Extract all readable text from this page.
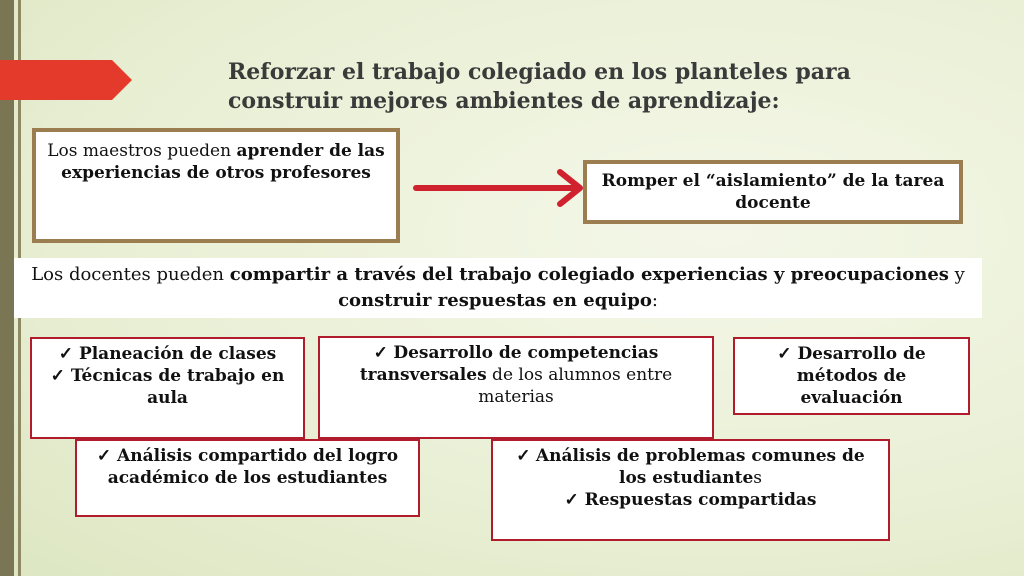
Reforzar el trabajo colegiado en los planteles para
construir mejores ambientes de aprendizaje:
Los maestros pueden aprender de las experiencias de otros profesores	Romper el “aislamiento” de la tarea docente
Los docentes pueden compartir a través del trabajo colegiado experiencias y preocupaciones y construir respuestas en equipo:
✓ Planeación de clases
✓ Técnicas de trabajo en aula
✓ Desarrollo de competencias transversales de los alumnos entre materias
✓ Desarrollo de métodos de evaluación
✓ Análisis compartido del logro académico de los estudiantes
✓ Análisis de problemas comunes de los estudiantes
✓ Respuestas compartidas
